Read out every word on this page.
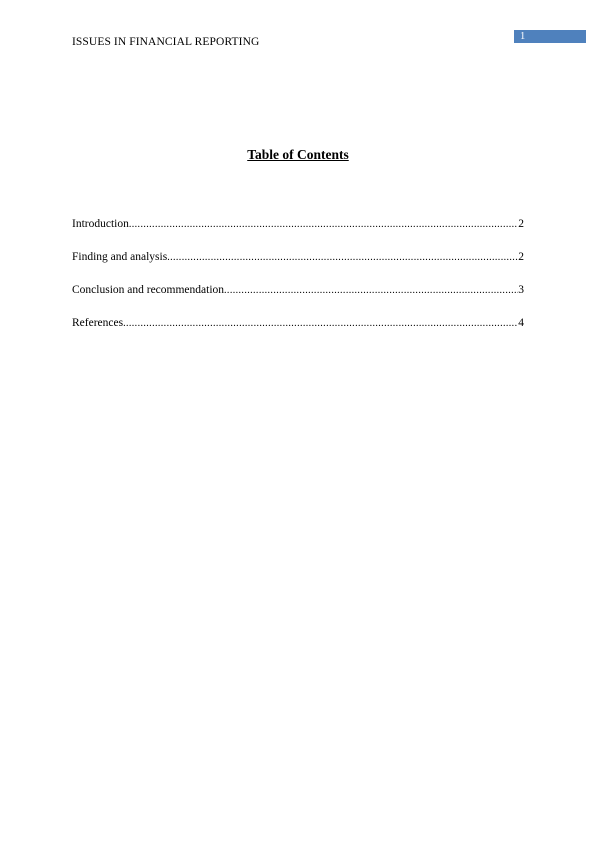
ISSUES IN FINANCIAL REPORTING	1
Table of Contents
Introduction .....	2
Finding and analysis .....	2
Conclusion and recommendation .....	3
References .....	4
